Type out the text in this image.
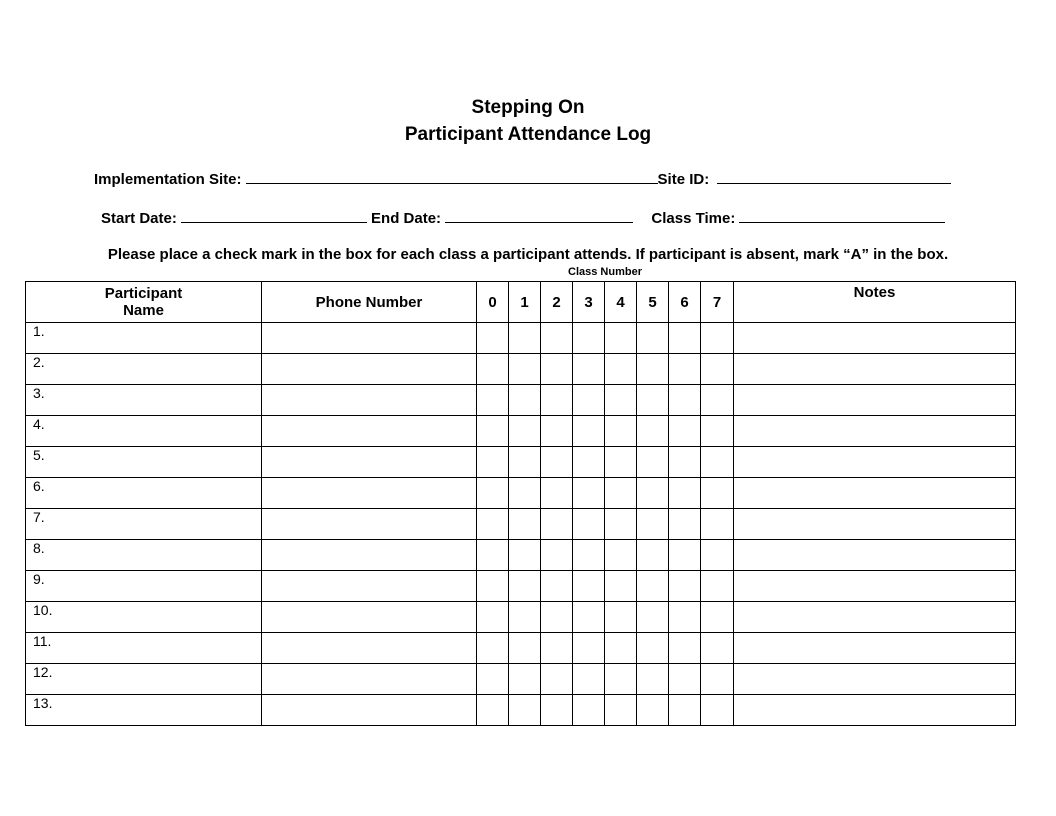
Stepping On
Participant Attendance Log
Implementation Site:	Site ID:
Start Date:	End Date:	Class Time:
Please place a check mark in the box for each class a participant attends. If participant is absent, mark “A” in the box.
Class Number
Participant
Name	Phone Number	0	1	2	3	4	5	6	7	Notes
1.										
2.										
3.										
4.										
5.										
6.										
7.										
8.										
9.										
10.										
11.										
12.										
13.										
